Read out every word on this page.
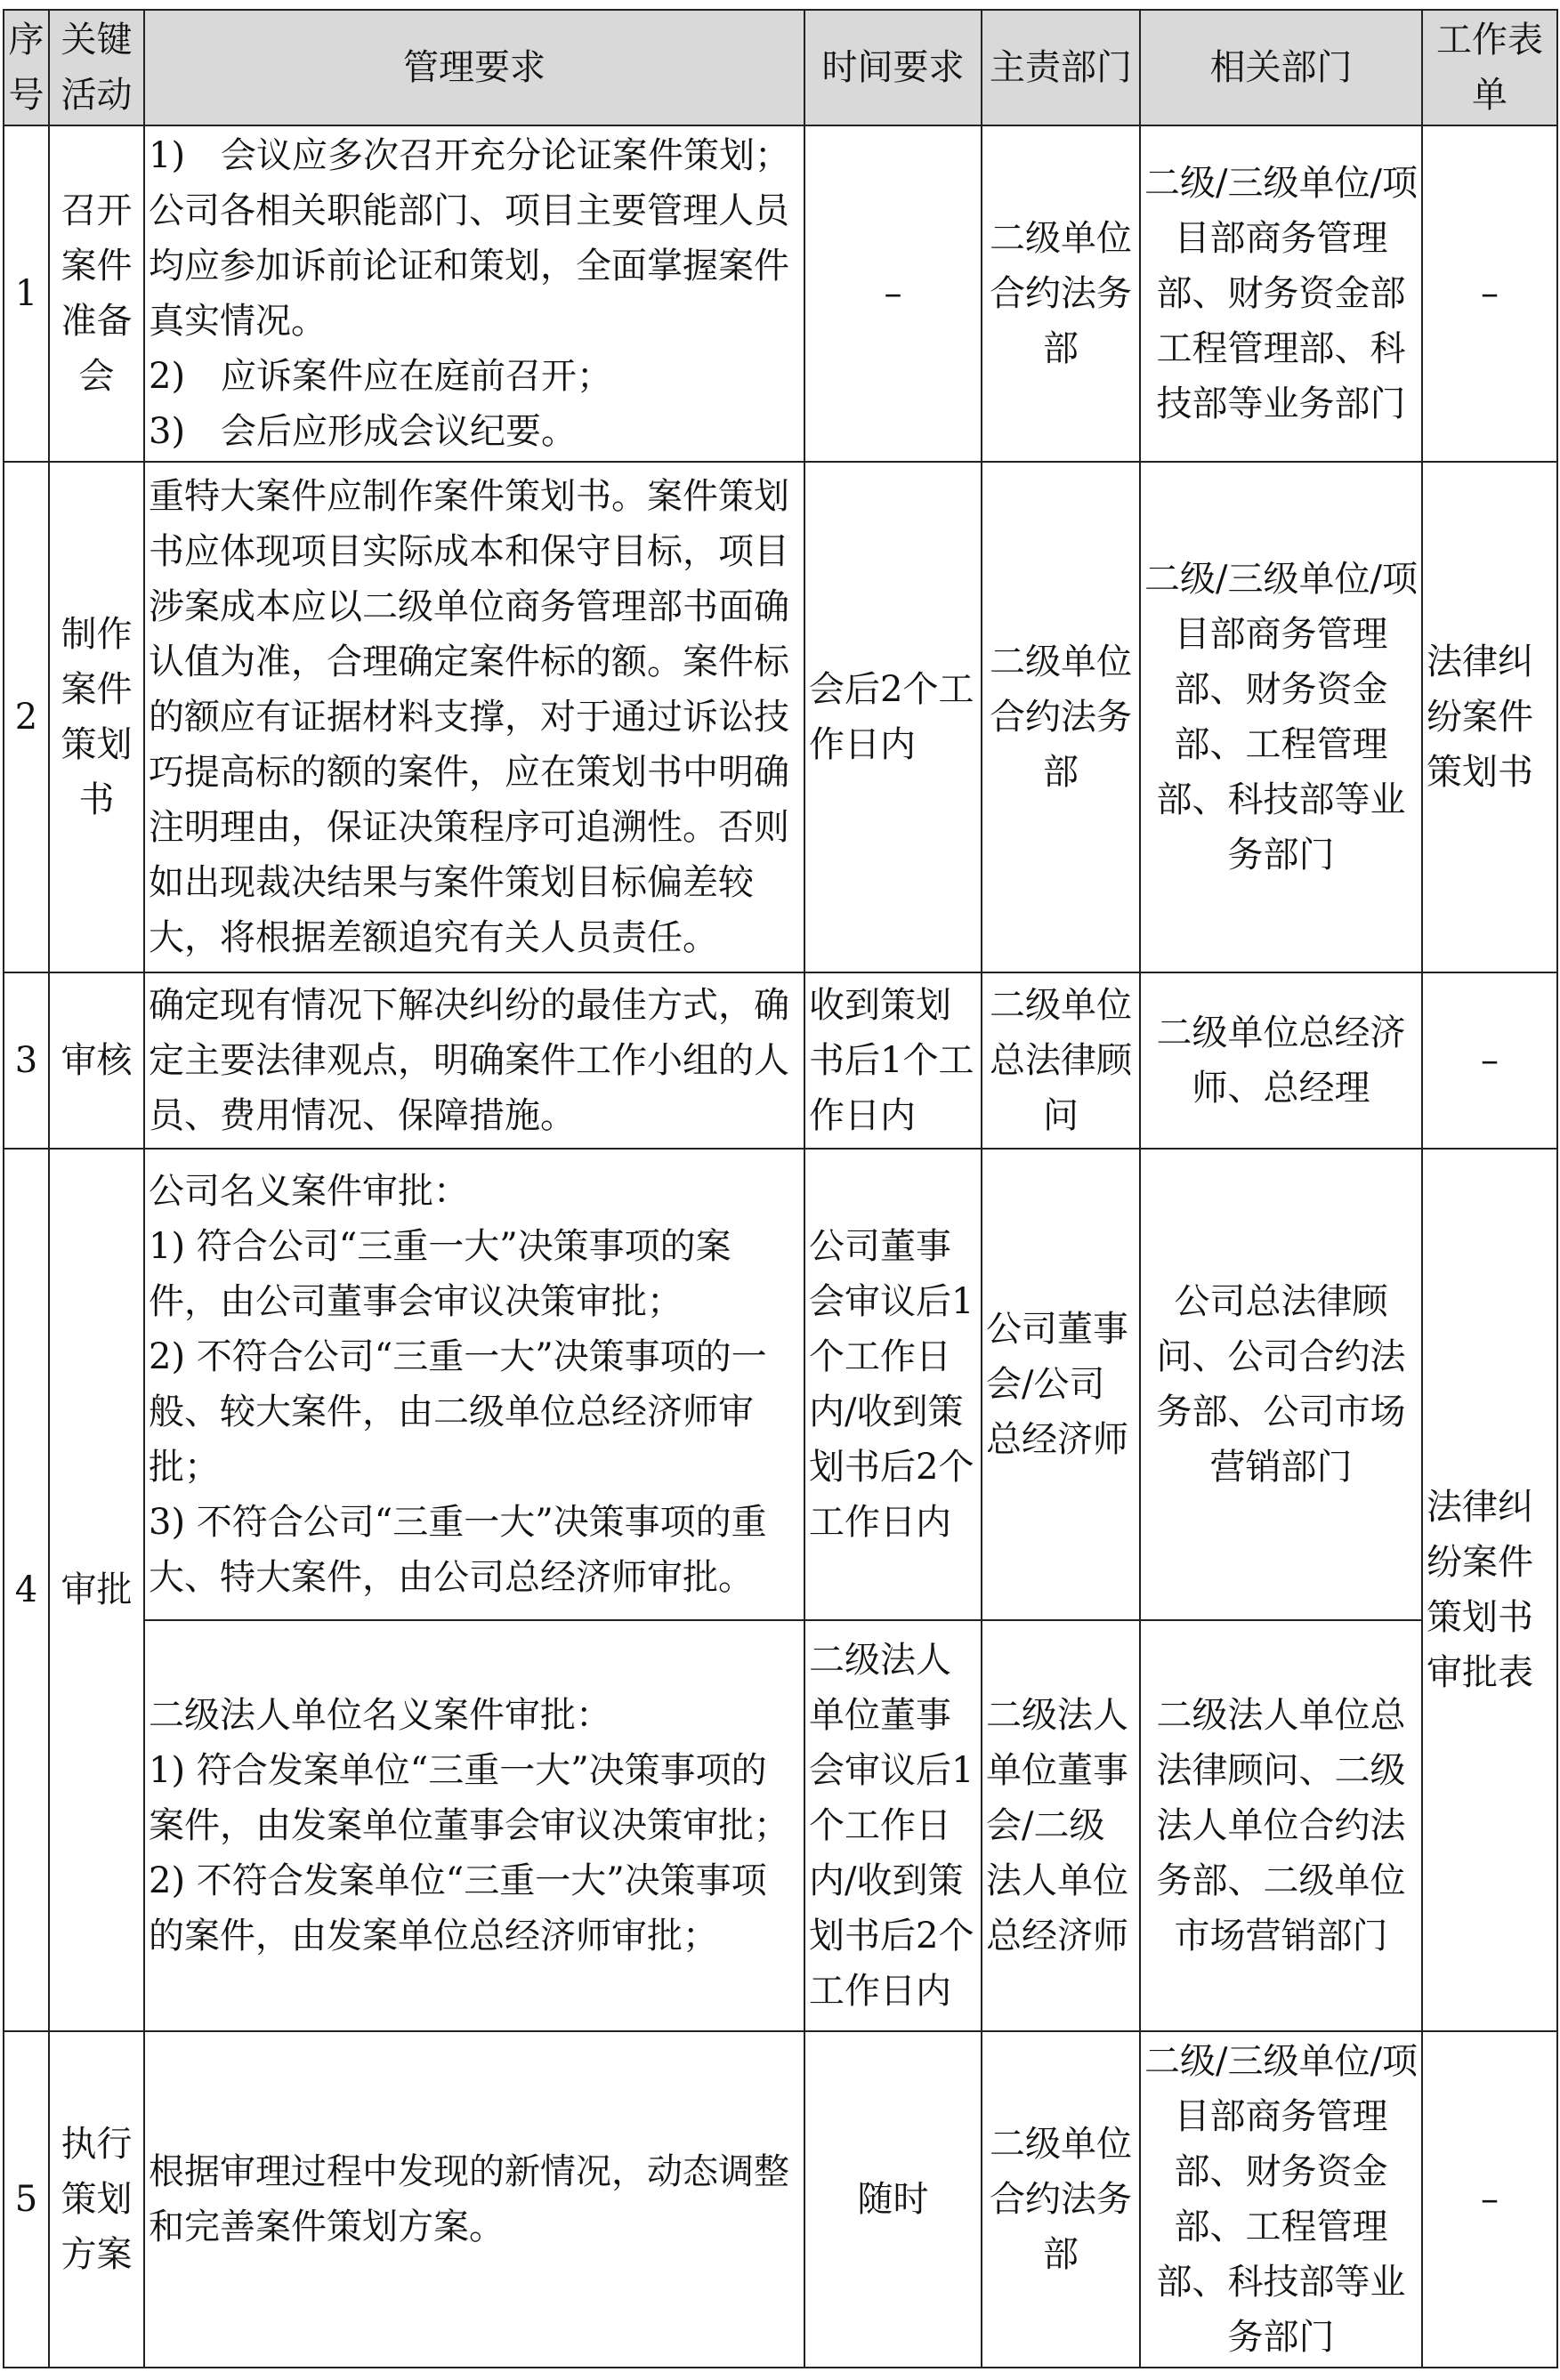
序号	关键活动	管理要求	时间要求	主责部门	相关部门	工作表单
1	召开案件准备会	1)　会议应多次召开充分论证案件策划；公司各相关职能部门、项目主要管理人员均应参加诉前论证和策划，全面掌握案件真实情况。
2)　应诉案件应在庭前召开；
3)　会后应形成会议纪要。	–	二级单位合约法务部	二级/三级单位/项目部商务管理部、财务资金部工程管理部、科技部等业务部门	–
2	制作案件策划书	重特大案件应制作案件策划书。案件策划书应体现项目实际成本和保守目标，项目涉案成本应以二级单位商务管理部书面确认值为准，合理确定案件标的额。案件标的额应有证据材料支撑，对于通过诉讼技巧提高标的额的案件，应在策划书中明确注明理由，保证决策程序可追溯性。否则如出现裁决结果与案件策划目标偏差较大，将根据差额追究有关人员责任。	会后2个工作日内	二级单位合约法务部	二级/三级单位/项目部商务管理部、财务资金部、工程管理部、科技部等业务部门	法律纠纷案件策划书
3	审核	确定现有情况下解决纠纷的最佳方式，确定主要法律观点，明确案件工作小组的人员、费用情况、保障措施。	收到策划书后1个工作日内	二级单位总法律顾问	二级单位总经济师、总经理	–
4	审批	公司名义案件审批：
1) 符合公司“三重一大”决策事项的案件，由公司董事会审议决策审批；
2) 不符合公司“三重一大”决策事项的一般、较大案件，由二级单位总经济师审批；
3) 不符合公司“三重一大”决策事项的重大、特大案件，由公司总经济师审批。	公司董事会审议后1个工作日内/收到策划书后2个工作日内	公司董事会/公司总经济师	公司总法律顾问、公司合约法务部、公司市场营销部门	法律纠纷案件策划书审批表

		二级法人单位名义案件审批：
1) 符合发案单位“三重一大”决策事项的案件，由发案单位董事会审议决策审批；
2) 不符合发案单位“三重一大”决策事项的案件，由发案单位总经济师审批；	二级法人单位董事会审议后1个工作日内/收到策划书后2个工作日内	二级法人单位董事会/二级法人单位总经济师	二级法人单位总法律顾问、二级法人单位合约法务部、二级单位市场营销部门	
5	执行策划方案	根据审理过程中发现的新情况，动态调整和完善案件策划方案。	随时	二级单位合约法务部	二级/三级单位/项目部商务管理部、财务资金部、工程管理部、科技部等业务部门	–
